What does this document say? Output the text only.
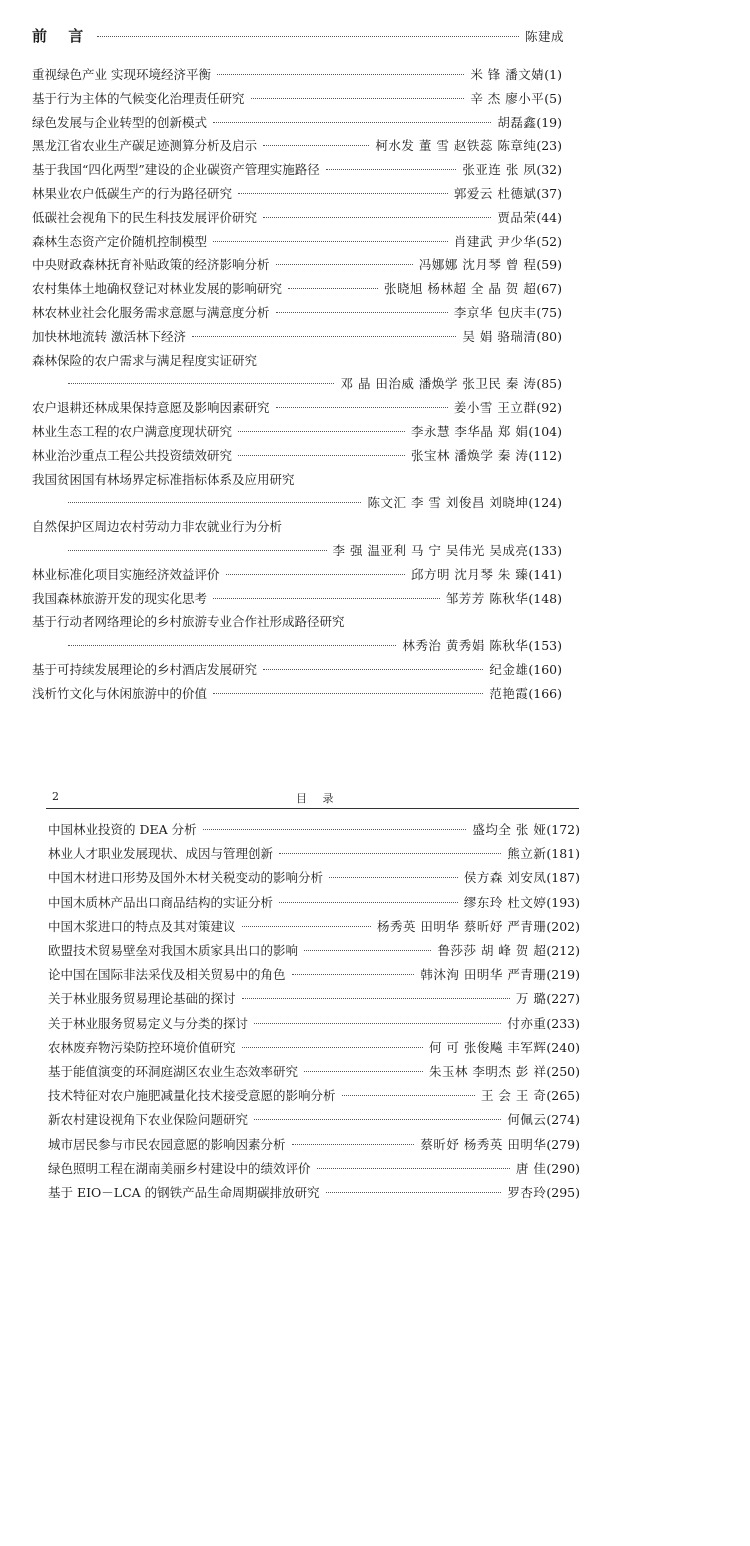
前 言	陈建成
重视绿色产业 实现环境经济平衡	米 锋 潘文婧 (1)
基于行为主体的气候变化治理责任研究	辛 杰 廖小平 (5)
绿色发展与企业转型的创新模式	胡磊鑫 (19)
黑龙江省农业生产碳足迹测算分析及启示	柯水发 董 雪 赵铁蕊 陈章纯 (23)
基于我国“四化两型”建设的企业碳资产管理实施路径	张亚连 张 夙 (32)
林果业农户低碳生产的行为路径研究	郭爱云 杜德斌 (37)
低碳社会视角下的民生科技发展评价研究	贾品荣 (44)
森林生态资产定价随机控制模型	肖建武 尹少华 (52)
中央财政森林抚育补贴政策的经济影响分析	冯娜娜 沈月琴 曾 程 (59)
农村集体土地确权登记对林业发展的影响研究	张晓旭 杨林超 全 晶 贺 超 (67)
林农林业社会化服务需求意愿与满意度分析	李京华 包庆丰 (75)
加快林地流转 激活林下经济	吴 娟 骆瑞清 (80)
森林保险的农户需求与满足程度实证研究
邓 晶 田治威 潘焕学 张卫民 秦 涛 (85)
农户退耕还林成果保持意愿及影响因素研究	姜小雪 王立群 (92)
林业生态工程的农户满意度现状研究	李永慧 李华晶 郑 娟 (104)
林业治沙重点工程公共投资绩效研究	张宝林 潘焕学 秦 涛 (112)
我国贫困国有林场界定标准指标体系及应用研究
陈文汇 李 雪 刘俊昌 刘晓坤 (124)
自然保护区周边农村劳动力非农就业行为分析
李 强 温亚利 马 宁 吴伟光 吴成亮 (133)
林业标准化项目实施经济效益评价	邱方明 沈月琴 朱 臻 (141)
我国森林旅游开发的现实化思考	邹芳芳 陈秋华 (148)
基于行动者网络理论的乡村旅游专业合作社形成路径研究
林秀治 黄秀娟 陈秋华 (153)
基于可持续发展理论的乡村酒店发展研究	纪金雄 (160)
浅析竹文化与休闲旅游中的价值	范艳霞 (166)
2	目 录
中国林业投资的 DEA 分析	盛均全 张 娅 (172)
林业人才职业发展现状、成因与管理创新	熊立新 (181)
中国木材进口形势及国外木材关税变动的影响分析	侯方森 刘安凤 (187)
中国木质林产品出口商品结构的实证分析	缪东玲 杜文婷 (193)
中国木浆进口的特点及其对策建议	杨秀英 田明华 蔡昕妤 严青珊 (202)
欧盟技术贸易壁垒对我国木质家具出口的影响	鲁莎莎 胡 峰 贺 超 (212)
论中国在国际非法采伐及相关贸易中的角色	韩沐洵 田明华 严青珊 (219)
关于林业服务贸易理论基础的探讨	万 璐 (227)
关于林业服务贸易定义与分类的探讨	付亦重 (233)
农林废弃物污染防控环境价值研究	何 可 张俊飚 丰军辉 (240)
基于能值演变的环洞庭湖区农业生态效率研究	朱玉林 李明杰 彭 祥 (250)
技术特征对农户施肥减量化技术接受意愿的影响分析	王 会 王 奇 (265)
新农村建设视角下农业保险问题研究	何佩云 (274)
城市居民参与市民农园意愿的影响因素分析	蔡昕妤 杨秀英 田明华 (279)
绿色照明工程在湖南美丽乡村建设中的绩效评价	唐 佳 (290)
基于 EIO－LCA 的钢铁产品生命周期碳排放研究	罗杏玲 (295)
